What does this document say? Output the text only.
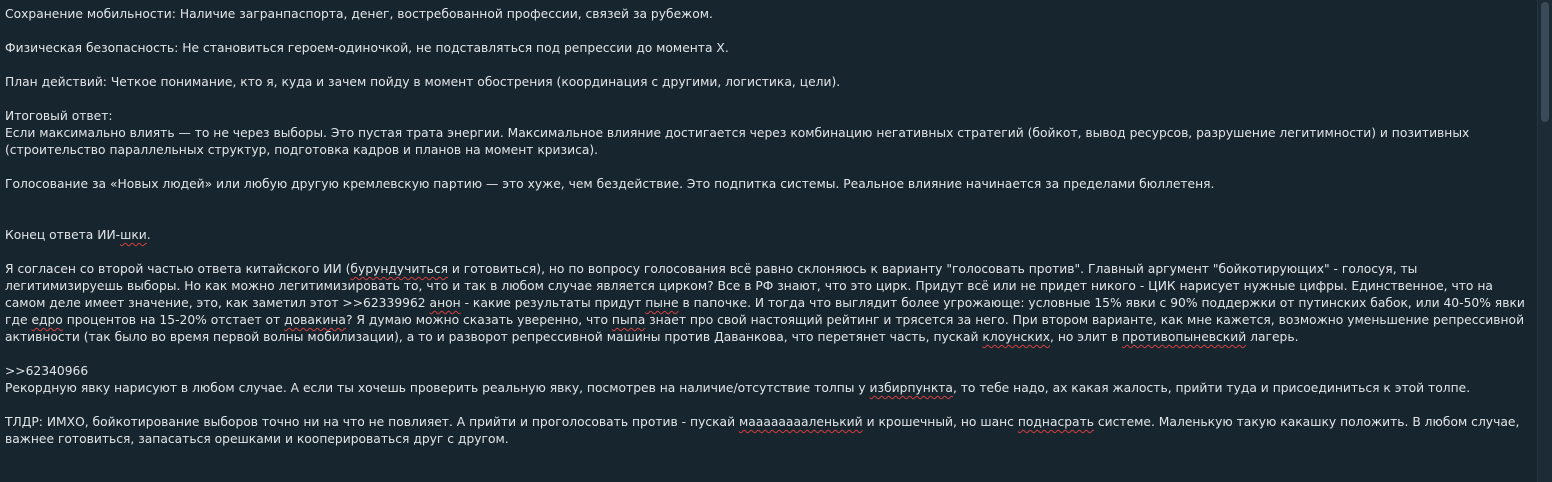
Сохранение мобильности: Наличие загранпаспорта, денег, востребованной профессии, связей за рубежом.

Физическая безопасность: Не становиться героем-одиночкой, не подставляться под репрессии до момента X.

План действий: Четкое понимание, кто я, куда и зачем пойду в момент обострения (координация с другими, логистика, цели).

Итоговый ответ:
Если максимально влиять — то не через выборы. Это пустая трата энергии. Максимальное влияние достигается через комбинацию негативных стратегий (бойкот, вывод ресурсов, разрушение легитимности) и позитивных (строительство параллельных структур, подготовка кадров и планов на момент кризиса).

Голосование за «Новых людей» или любую другую кремлевскую партию — это хуже, чем бездействие. Это подпитка системы. Реальное влияние начинается за пределами бюллетеня.

Конец ответа ИИ-шки.

Я согласен со второй частью ответа китайского ИИ (бурундучиться и готовиться), но по вопросу голосования всё равно склоняюсь к варианту "голосовать против". Главный аргумент "бойкотирующих" - голосуя, ты легитимизируешь выборы. Но как можно легитимизировать то, что и так в любом случае является цирком? Все в РФ знают, что это цирк. Придут всё или не придет никого - ЦИК нарисует нужные цифры. Единственное, что на самом деле имеет значение, это, как заметил этот >>62339962 анон - какие результаты придут пыне в папочке. И тогда что выглядит более угрожающе: условные 15% явки с 90% поддержки от путинских бабок, или 40-50% явки где едро процентов на 15-20% отстает от довакина? Я думаю можно сказать уверенно, что пыпа знает про свой настоящий рейтинг и трясется за него. При втором варианте, как мне кажется, возможно уменьшение репрессивной активности (так было во время первой волны мобилизации), а то и разворот репрессивной машины против Даванкова, что перетянет часть, пускай клоунских, но элит в противопыневский лагерь.

>>62340966
Рекордную явку нарисуют в любом случае. А если ты хочешь проверить реальную явку, посмотрев на наличие/отсутствие толпы у избирпункта, то тебе надо, ах какая жалость, прийти туда и присоединиться к этой толпе.

ТЛДР: ИМХО, бойкотирование выборов точно ни на что не повлияет. А прийти и проголосовать против - пускай мааааааааленький и крошечный, но шанс поднасрать системе. Маленькую такую какашку положить. В любом случае, важнее готовиться, запасаться орешками и кооперироваться друг с другом.
